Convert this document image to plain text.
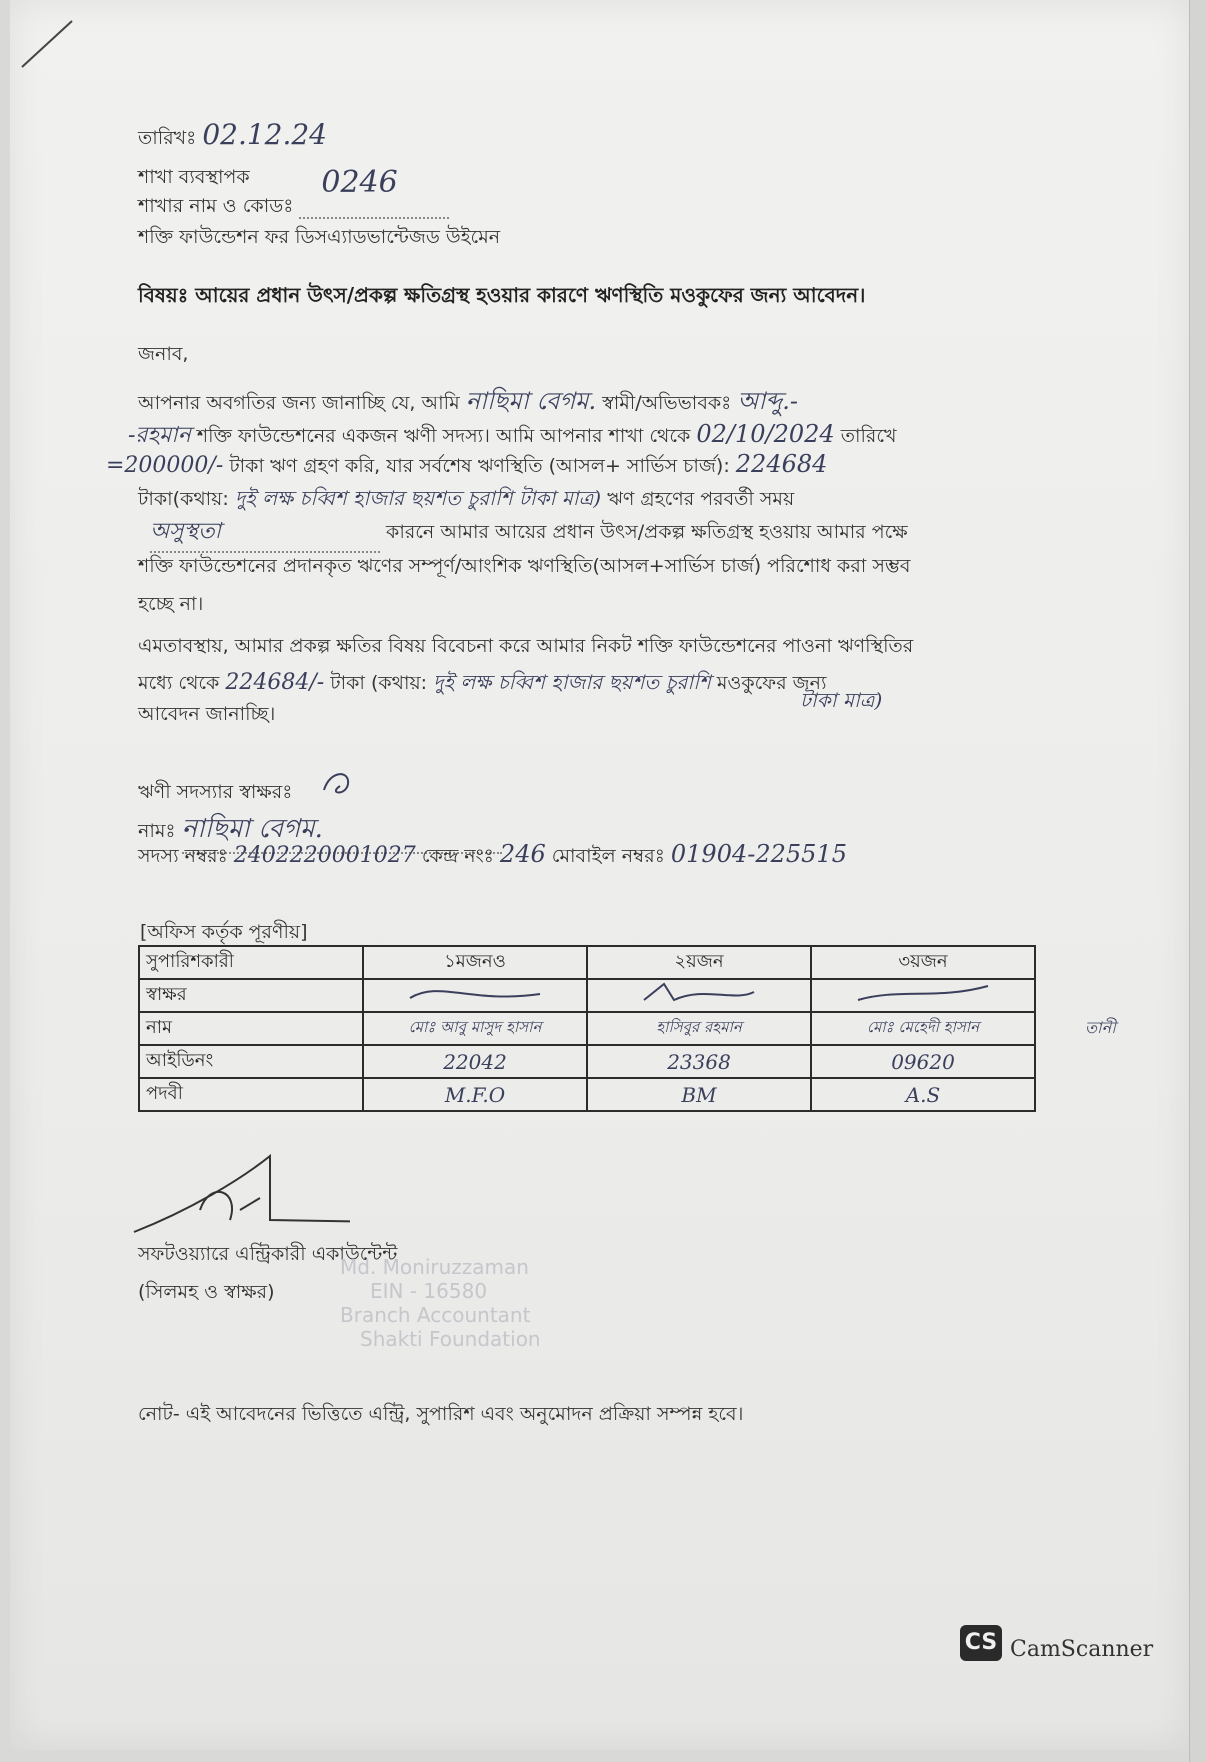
তারিখঃ 02.12.24
শাখা ব্যবস্থাপক
শাখার নাম ও কোডঃ
0246

শক্তি ফাউন্ডেশন ফর ডিসএ্যাডভান্টেজড উইমেন
বিষয়ঃ আয়ের প্রধান উৎস/প্রকল্প ক্ষতিগ্রস্থ হওয়ার কারণে ঋণস্থিতি মওকুফের জন্য আবেদন।
জনাব,
আপনার অবগতির জন্য জানাচ্ছি যে, আমি নাছিমা বেগম. স্বামী/অভিভাবকঃ আব্দু.-
-রহমান শক্তি ফাউন্ডেশনের একজন ঋণী সদস্য। আমি আপনার শাখা থেকে 02/10/2024 তারিখে
=200000/- টাকা ঋণ গ্রহণ করি, যার সর্বশেষ ঋণস্থিতি (আসল+ সার্ভিস চার্জ): 224684
টাকা(কথায়: দুই লক্ষ চব্বিশ হাজার ছয়শত চুরাশি টাকা মাত্র) ঋণ গ্রহণের পরবর্তী সময়
অসুস্থতা	কারনে আমার আয়ের প্রধান উৎস/প্রকল্প ক্ষতিগ্রস্থ হওয়ায় আমার পক্ষে
শক্তি ফাউন্ডেশনের প্রদানকৃত ঋণের সম্পূর্ণ/আংশিক ঋণস্থিতি(আসল+সার্ভিস চার্জ) পরিশোধ করা সম্ভব
হচ্ছে না।
এমতাবস্থায়, আমার প্রকল্প ক্ষতির বিষয় বিবেচনা করে আমার নিকট শক্তি ফাউন্ডেশনের পাওনা ঋণস্থিতির
মধ্যে থেকে 224684/- টাকা (কথায়: দুই লক্ষ চব্বিশ হাজার ছয়শত চুরাশি মওকুফের জন্য
টাকা মাত্র)
আবেদন জানাচ্ছি।
ঋণী সদস্যার স্বাক্ষরঃ
নামঃ নাছিমা বেগম.
সদস্য নম্বরঃ 2402220001027 কেন্দ্র নংঃ 246 মোবাইল নম্বরঃ 01904-225515
[অফিস কর্তৃক পূরণীয়]
সুপারিশকারী	১মজনও	২য়জন	৩য়জন
স্বাক্ষর			
নাম	মোঃ আবু মাসুদ হাসান	হাসিবুর রহমান	মোঃ মেহেদী হাসান
আইডিনং	22042	23368	09620
পদবী	M.F.O	BM	A.S
তানী
সফটওয়্যারে এন্ট্রিকারী একাউন্টেন্ট
(সিলমহ ও স্বাক্ষর)
Md. Moniruzzaman
EIN - 16580
Branch Accountant
Shakti Foundation
নোট- এই আবেদনের ভিত্তিতে এন্ট্রি, সুপারিশ এবং অনুমোদন প্রক্রিয়া সম্পন্ন হবে।
CS CamScanner
